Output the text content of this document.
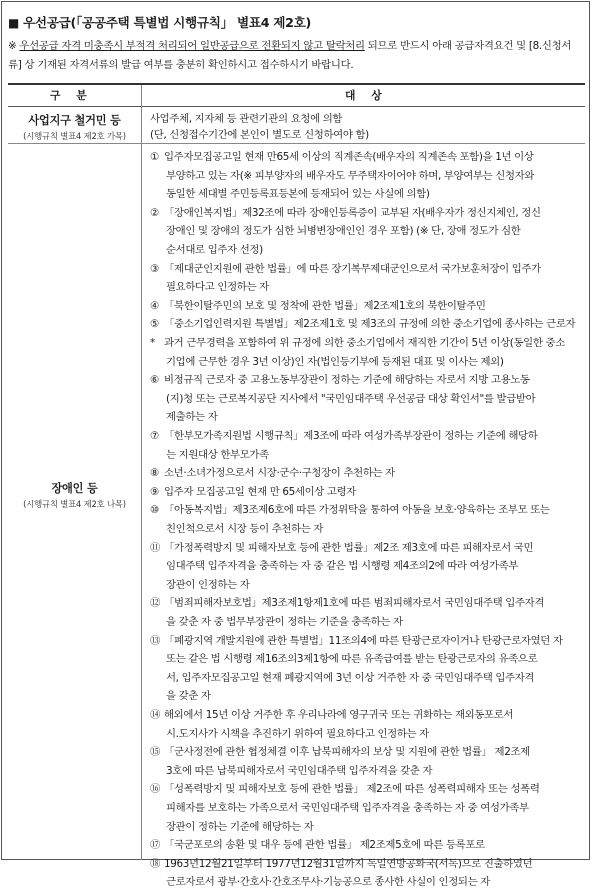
■ 우선공급(「공공주택 특별법 시행규칙」 별표4 제2호)
※ 우선공급 자격 미충족시 부적격 처리되어 일반공급으로 전환되지 않고 탈락처리 되므로 반드시 아래 공급자격요건 및 [8.신청서류] 상 기재된 자격서류의 발급 여부를 충분히 확인하시고 접수하시기 바랍니다.
구 분	대 상
사업지구 철거민 등
(시행규칙 별표4 제2호 가목)
장애인 등
(시행규칙 별표4 제2호 나목)
사업주체, 지자체 등 관련기관의 요청에 의함
(단, 신청접수기간에 본인이 별도로 신청하여야 함)
① 입주자모집공고일 현재 만65세 이상의 직계존속(배우자의 직계존속 포함)을 1년 이상
부양하고 있는 자(※ 피부양자의 배우자도 무주택자이어야 하며, 부양여부는 신청자와
동일한 세대별 주민등록표등본에 등재되어 있는 사실에 의함)
② 「장애인복지법」제32조에 따라 장애인등록증이 교부된 자(배우자가 정신지체인, 정신
장애인 및 장애의 정도가 심한 뇌병변장애인인 경우 포함) (※ 단, 장애 정도가 심한
순서대로 입주자 선정)
③ 「제대군인지원에 관한 법률」에 따른 장기복무제대군인으로서 국가보훈처장이 입주가
필요하다고 인정하는 자
④ 「북한이탈주민의 보호 및 정착에 관한 법률」제2조제1호의 북한이탈주민
⑤ 「중소기업인력지원 특별법」제2조제1호 및 제3조의 규정에 의한 중소기업에 종사하는 근로자
* 과거 근무경력을 포함하여 위 규정에 의한 중소기업에서 재직한 기간이 5년 이상(동일한 중소
기업에 근무한 경우 3년 이상)인 자(법인등기부에 등재된 대표 및 이사는 제외)
⑥ 비정규직 근로자 중 고용노동부장관이 정하는 기준에 해당하는 자로서 지방 고용노동
(지)청 또는 근로복지공단 지사에서 "국민임대주택 우선공급 대상 확인서"를 발급받아
제출하는 자
⑦ 「한부모가족지원법 시행규칙」제3조에 따라 여성가족부장관이 정하는 기준에 해당하
는 지원대상 한부모가족
⑧ 소년·소녀가정으로서 시장·군수·구청장이 추천하는 자
⑨ 입주자 모집공고일 현재 만 65세이상 고령자
⑩ 「아동복지법」제3조제6호에 따른 가정위탁을 통하여 아동을 보호·양육하는 조부모 또는
친인척으로서 시장 등이 추천하는 자
⑪ 「가정폭력방지 및 피해자보호 등에 관한 법률」제2조 제3호에 따른 피해자로서 국민
임대주택 입주자격을 충족하는 자 중 같은 법 시행령 제4조의2에 따라 여성가족부
장관이 인정하는 자
⑫ 「범죄피해자보호법」제3조제1항제1호에 따른 범죄피해자로서 국민임대주택 입주자격
을 갖춘 자 중 법무부장관이 정하는 기준을 충족하는 자
⑬ 「폐광지역 개발지원에 관한 특별법」11조의4에 따른 탄광근로자이거나 탄광근로자였던 자
또는 같은 법 시행령 제16조의3제1항에 따른 유족급여를 받는 탄광근로자의 유족으로
서, 입주자모집공고일 현재 폐광지역에 3년 이상 거주한 자 중 국민임대주택 입주자격
을 갖춘 자
⑭ 해외에서 15년 이상 거주한 후 우리나라에 영구귀국 또는 귀화하는 재외동포로서
시.도지사가 시책을 추진하기 위하여 필요하다고 인정하는 자
⑮ 「군사정전에 관한 협정체결 이후 납북피해자의 보상 및 지원에 관한 법률」 제2조제
3호에 따른 납북피해자로서 국민임대주택 입주자격을 갖춘 자
⑯ 「성폭력방지 및 피해자보호 등에 관한 법률」 제2조에 따른 성폭력피해자 또는 성폭력
피해자를 보호하는 가족으로서 국민임대주택 입주자격을 충족하는 자 중 여성가족부
장관이 정하는 기준에 해당하는 자
⑰ 「국군포로의 송환 및 대우 등에 관한 법률」 제2조제5호에 따른 등록포로
⑱ 1963년12월21일부터 1977년12월31일까지 독일연방공화국(서독)으로 진출하였던
근로자로서 광부·간호사·간호조무사·기능공으로 종사한 사실이 인정되는 자
